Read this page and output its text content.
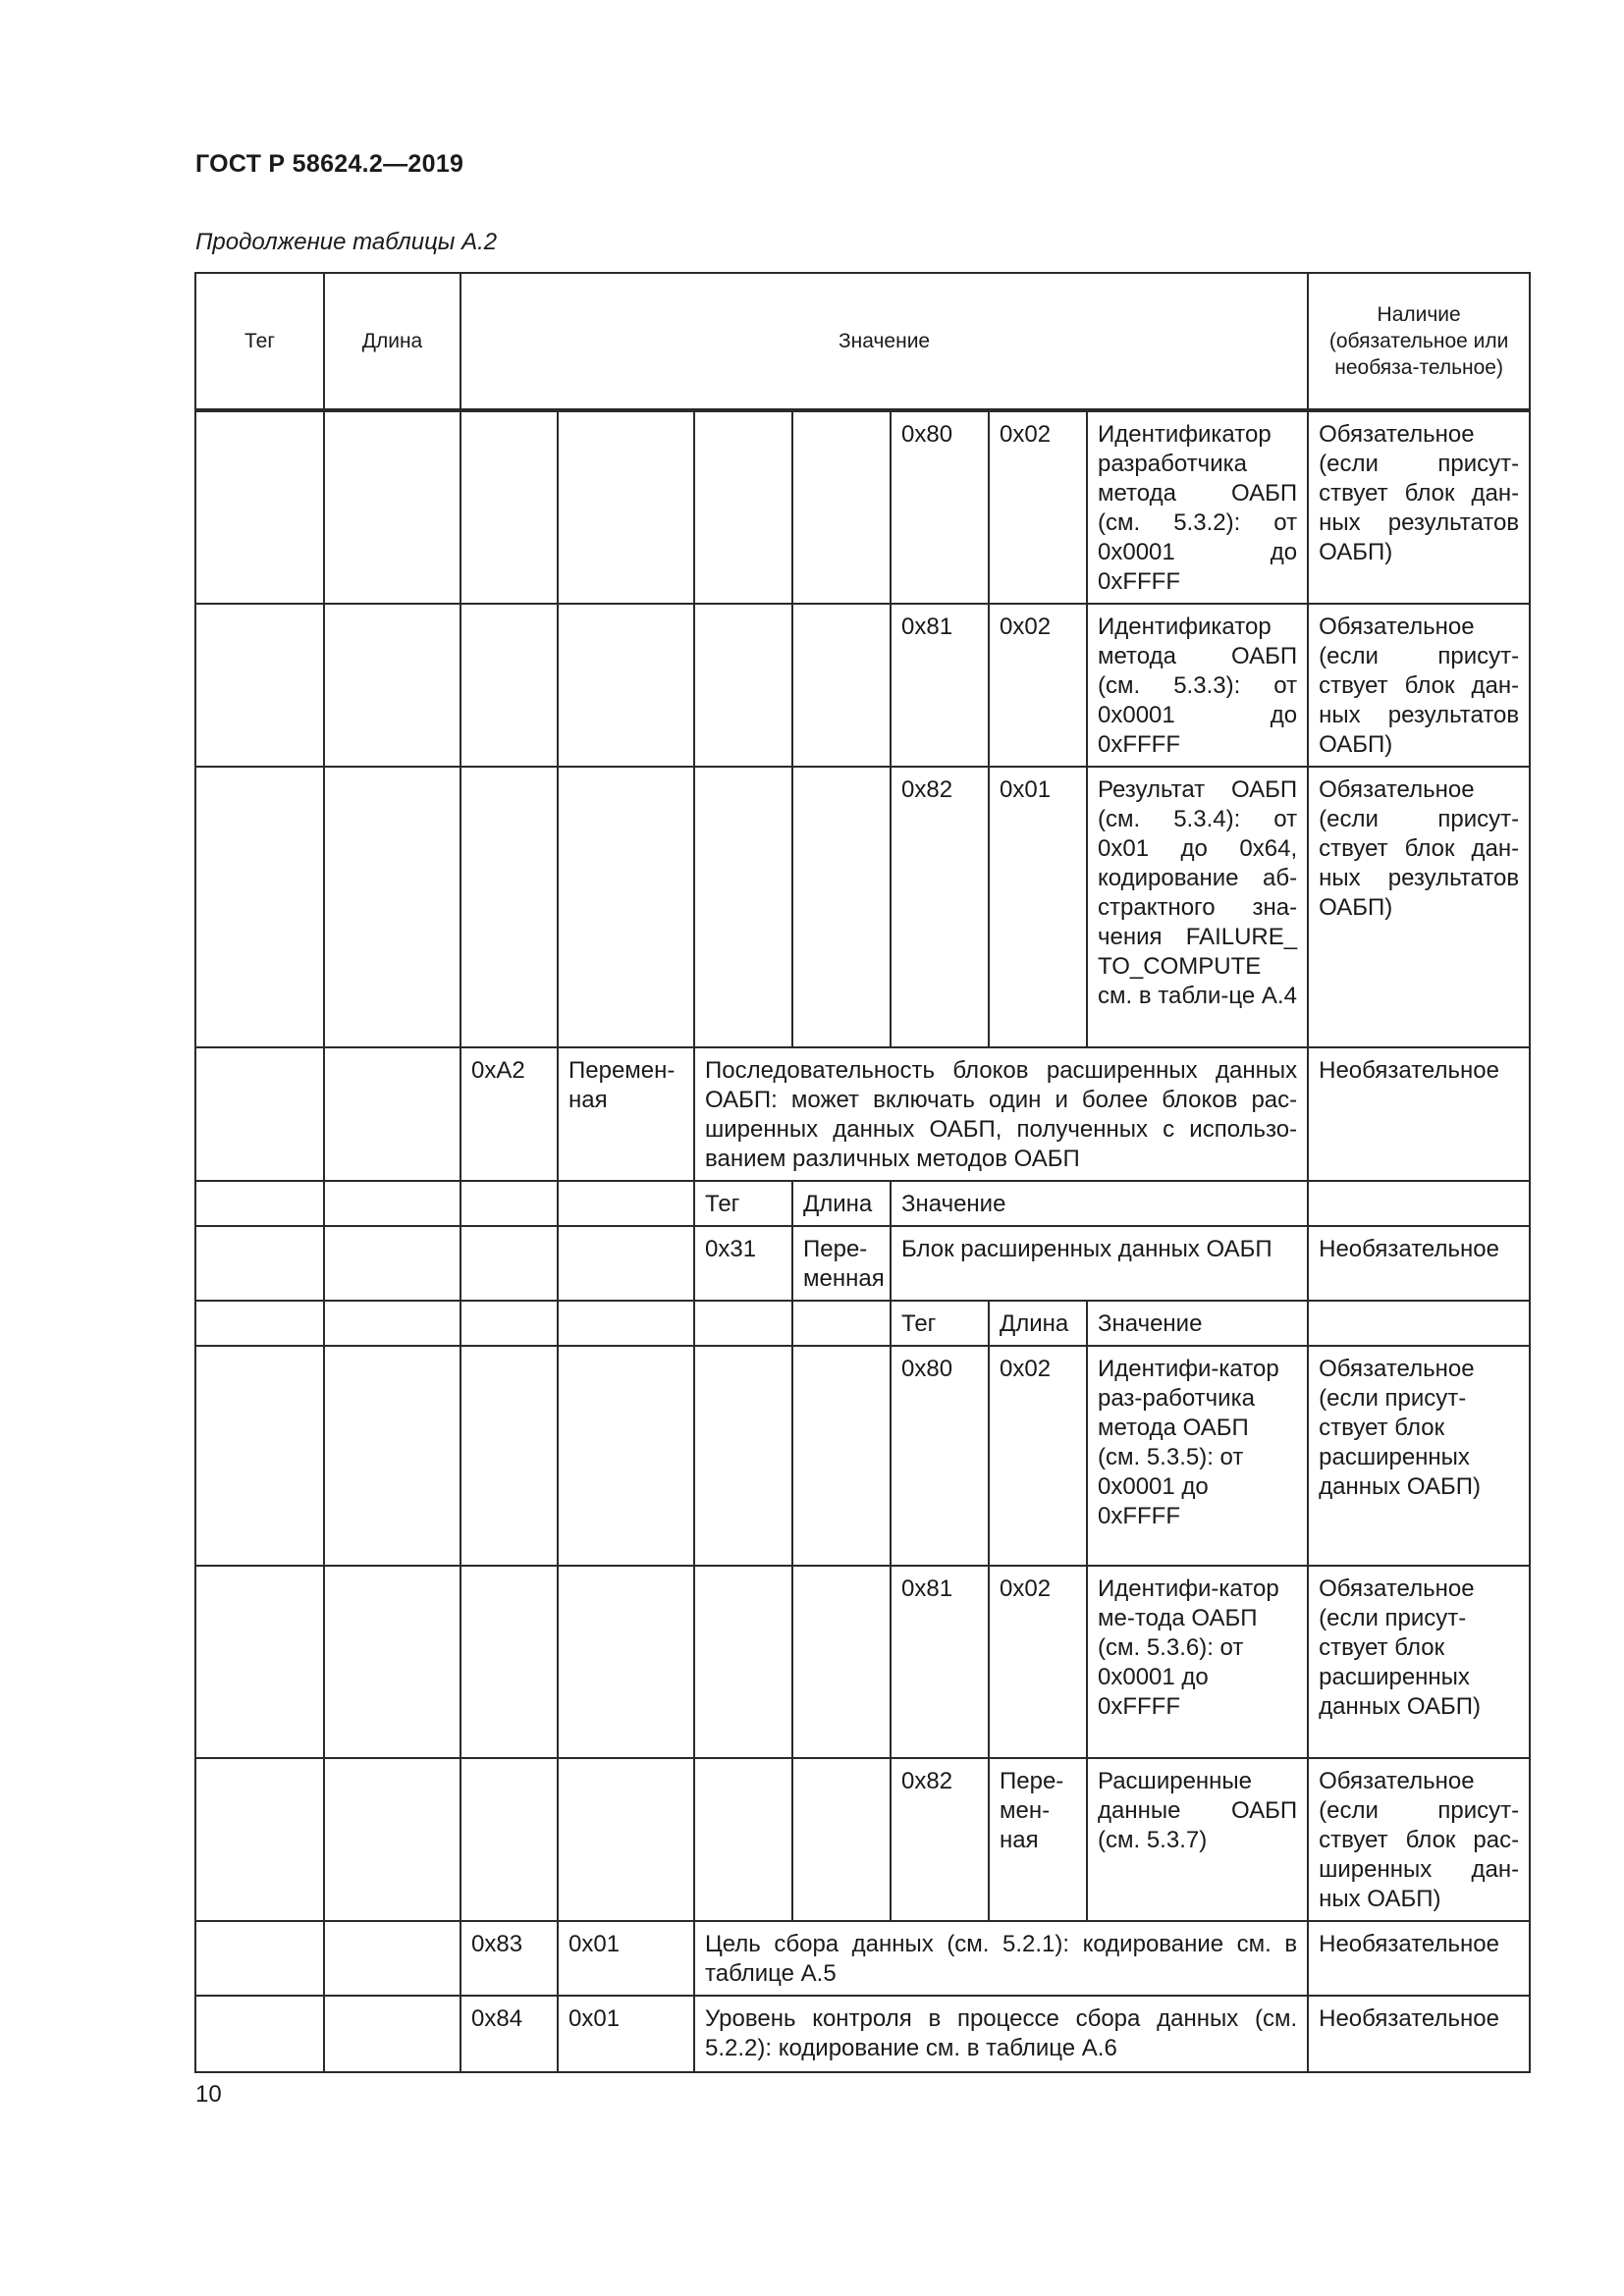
ГОСТ Р 58624.2—2019
Продолжение таблицы А.2
Тег	Длина	Значение							Наличие (обязательное или необяза-тельное)
						0x80	0x02	Идентификатор разработчика метода ОАБП (см. 5.3.2): от 0x0001 до 0xFFFF	Обязательное (если присут-ствует блок дан-ных результатов ОАБП)
						0x81	0x02	Идентификатор метода ОАБП (см. 5.3.3): от 0x0001 до 0xFFFF	Обязательное (если присут-ствует блок дан-ных результатов ОАБП)
						0x82	0x01	Результат ОАБП (см. 5.3.4): от 0x01 до 0x64, кодирование аб-страктного зна-чения FAILURE_ TO_COMPUTE см. в табли-це А.4	Обязательное (если присут-ствует блок дан-ных результатов ОАБП)
		0xA2	Перемен-ная	Последовательность блоков расширенных данных ОАБП: может включать один и более блоков рас-ширенных данных ОАБП, полученных с использо-ванием различных методов ОАБП					Необязательное
				Тег	Длина	Значение			
				0x31	Пере-менная	Блок расширенных данных ОАБП			Необязательное
						Тег	Длина	Значение	
						0x80	0x02	Идентифи-катор раз-работчика метода ОАБП (см. 5.3.5): от 0x0001 до 0xFFFF	Обязательное (если присут-ствует блок расширенных данных ОАБП)
						0x81	0x02	Идентифи-катор ме-тода ОАБП (см. 5.3.6): от 0x0001 до 0xFFFF	Обязательное (если присут-ствует блок расширенных данных ОАБП)
						0x82	Пере-мен-ная	Расширенные данные ОАБП (см. 5.3.7)	Обязательное (если присут-ствует блок рас-ширенных дан-ных ОАБП)
		0x83	0x01	Цель сбора данных (см. 5.2.1): кодирование см. в таблице А.5					Необязательное
		0x84	0x01	Уровень контроля в процессе сбора данных (см. 5.2.2): кодирование см. в таблице А.6					Необязательное
10
